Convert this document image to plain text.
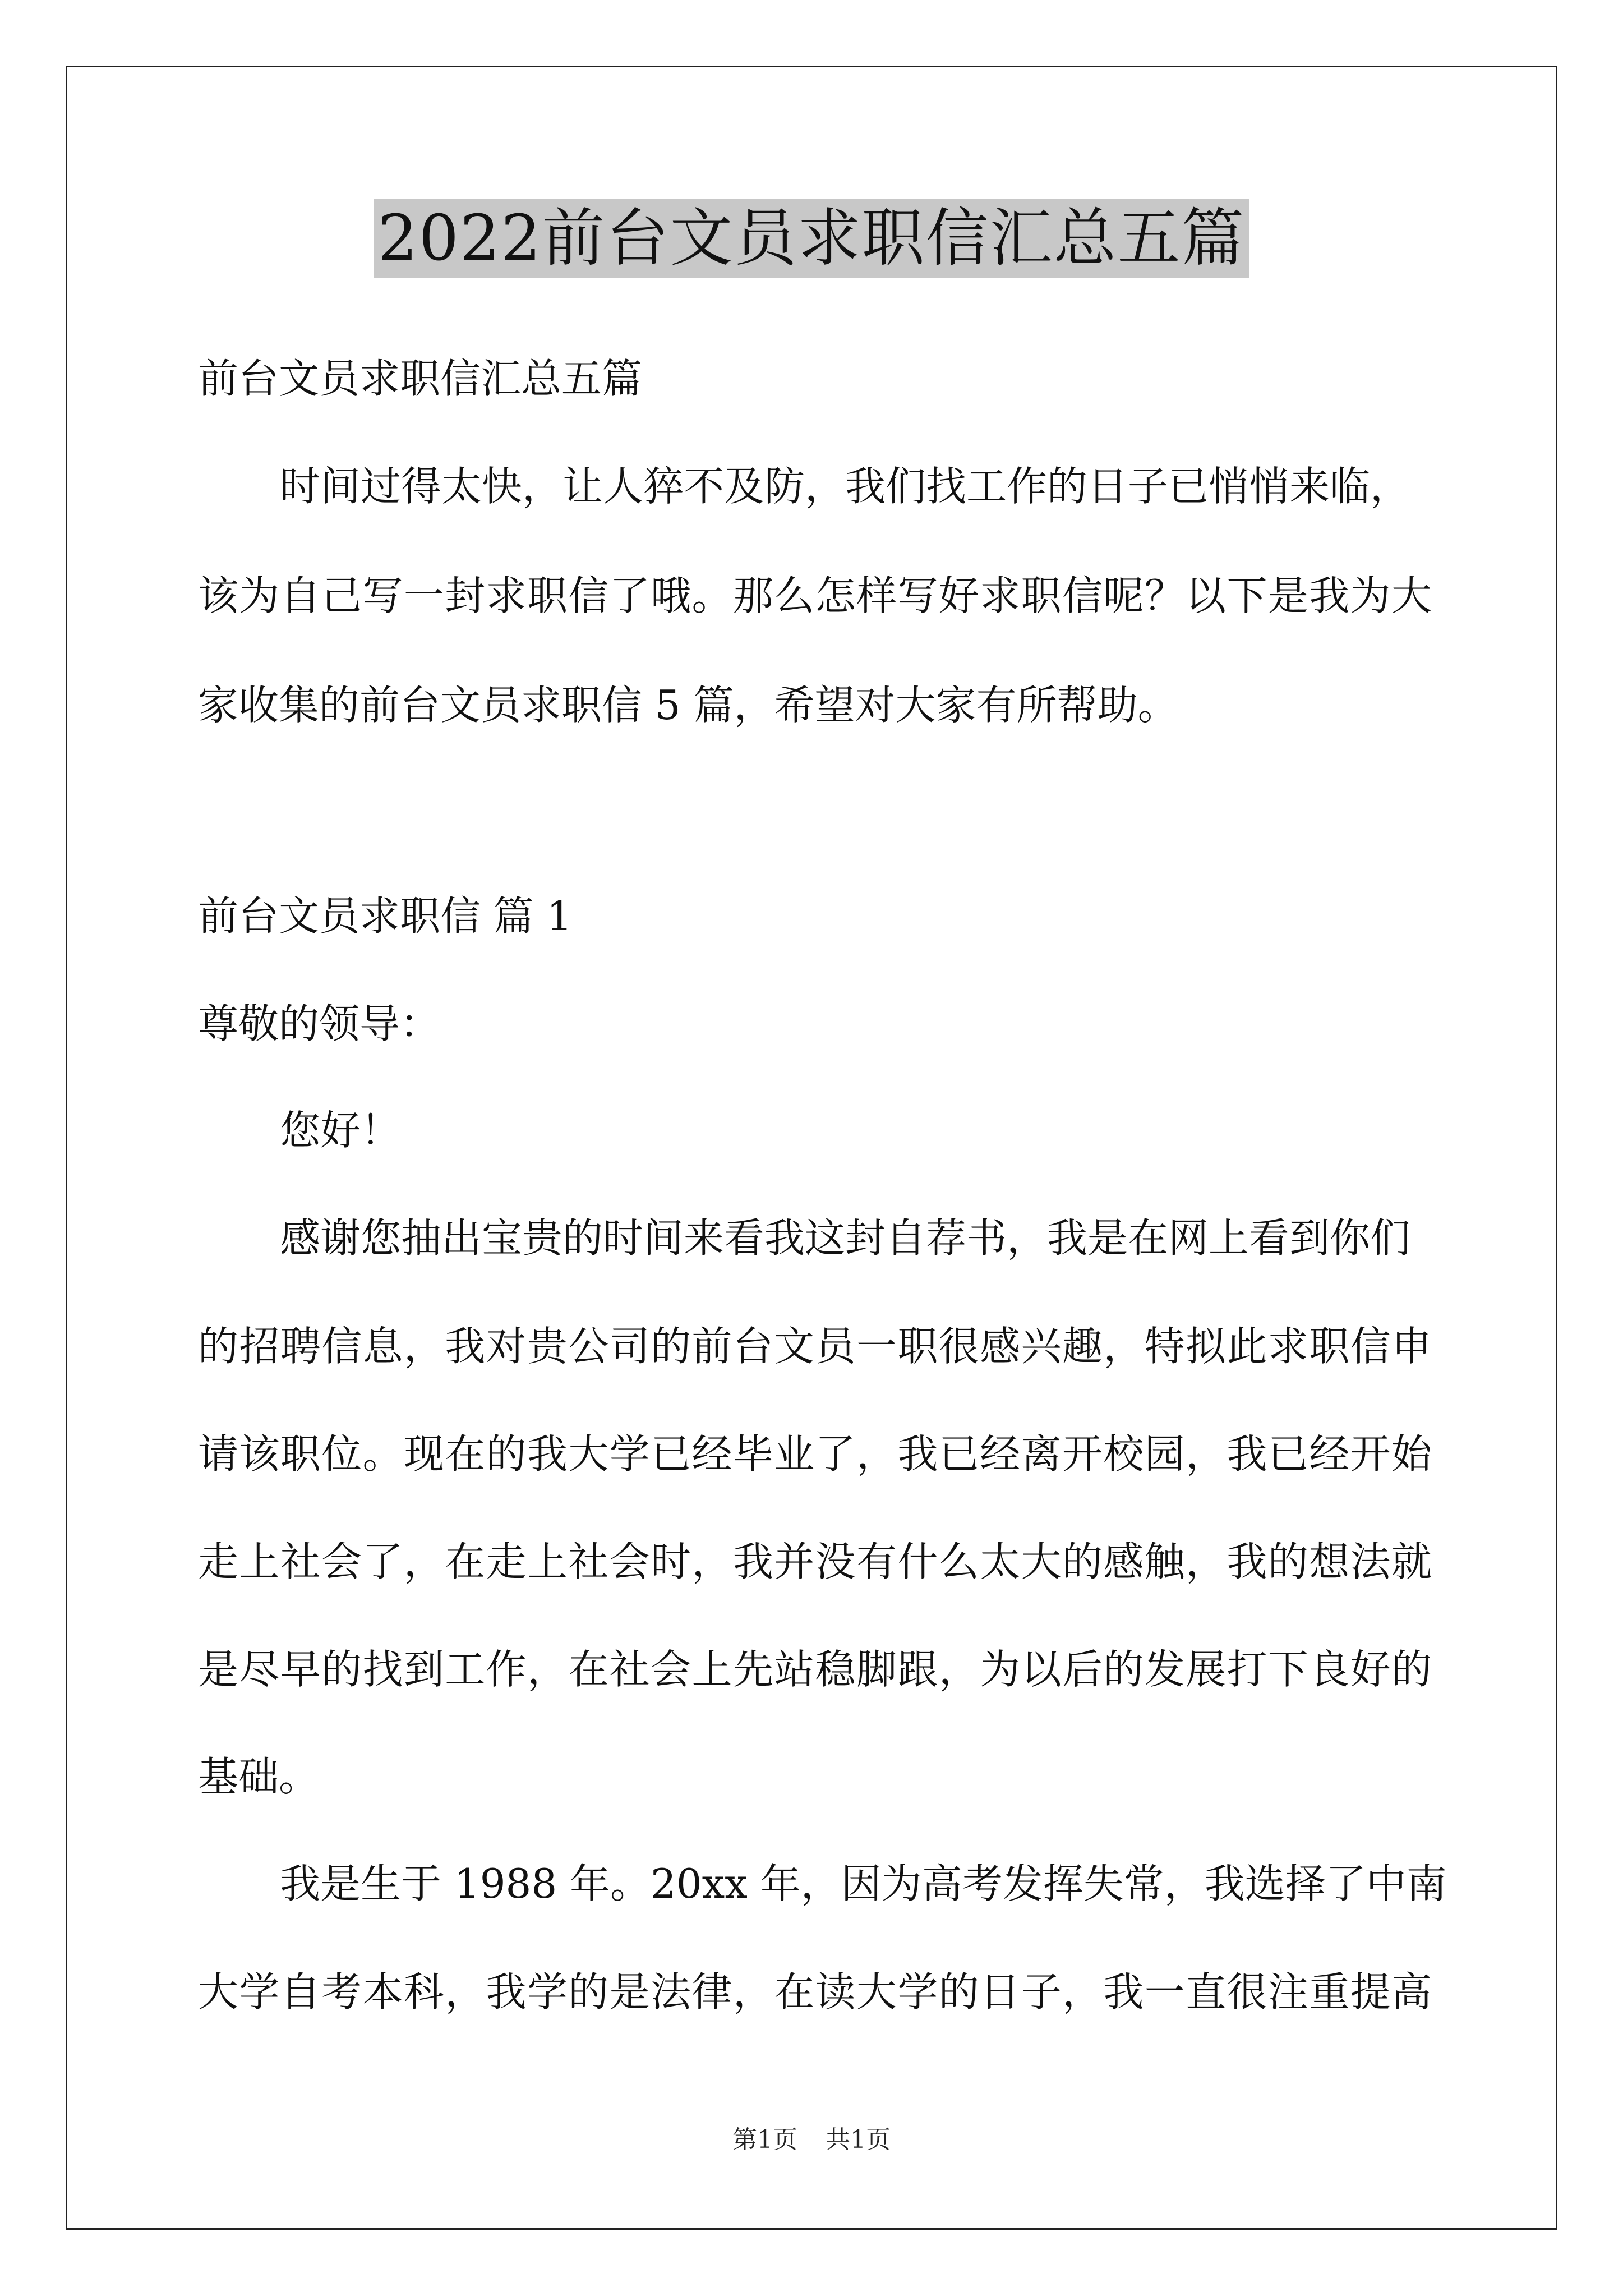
2022前台文员求职信汇总五篇
前台文员求职信汇总五篇
时间过得太快，让人猝不及防，我们找工作的日子已悄悄来临，
该为自己写一封求职信了哦。那么怎样写好求职信呢？以下是我为大
家收集的前台文员求职信 5 篇，希望对大家有所帮助。
前台文员求职信 篇 1
尊敬的领导：
您好！
感谢您抽出宝贵的时间来看我这封自荐书，我是在网上看到你们
的招聘信息，我对贵公司的前台文员一职很感兴趣，特拟此求职信申
请该职位。现在的我大学已经毕业了，我已经离开校园，我已经开始
走上社会了，在走上社会时，我并没有什么太大的感触，我的想法就
是尽早的找到工作，在社会上先站稳脚跟，为以后的发展打下良好的
基础。
我是生于 1988 年。20xx 年，因为高考发挥失常，我选择了中南
大学自考本科，我学的是法律，在读大学的日子，我一直很注重提高
第1页 共1页
